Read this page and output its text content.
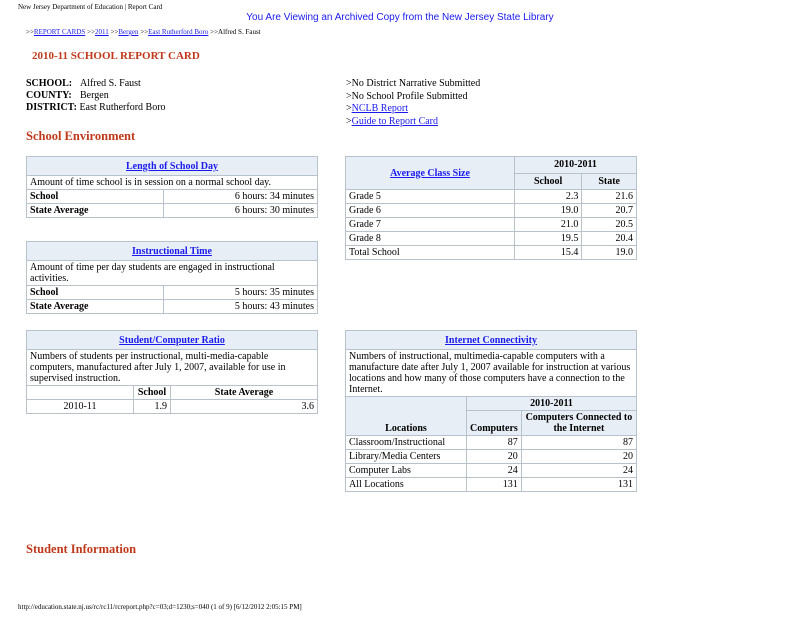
New Jersey Department of Education | Report Card
You Are Viewing an Archived Copy from the New Jersey State Library
>>REPORT CARDS >>2011 >>Bergen >>East Rutherford Boro >>Alfred S. Faust
2010-11 SCHOOL REPORT CARD
SCHOOL: Alfred S. Faust
COUNTY: Bergen
DISTRICT: East Rutherford Boro
>No District Narrative Submitted
>No School Profile Submitted
>NCLB Report
>Guide to Report Card
School Environment
Length of School Day	
Amount of time school is in session on a normal school day.	
School	6 hours: 34 minutes
State Average	6 hours: 30 minutes
Instructional Time	
Amount of time per day students are engaged in instructional activities.	
School	5 hours: 35 minutes
State Average	5 hours: 43 minutes
Student/Computer Ratio		
Numbers of students per instructional, multi-media-capable computers, manufactured after July 1, 2007, available for use in supervised instruction.		
	School	State Average
2010-11	1.9	3.6
Average Class Size	2010-2011	
	School	State
Grade 5	2.3	21.6
Grade 6	19.0	20.7
Grade 7	21.0	20.5
Grade 8	19.5	20.4
Total School	15.4	19.0
Internet Connectivity		
Numbers of instructional, multimedia-capable computers with a manufacture date after July 1, 2007 available for instruction at various locations and how many of those computers have a connection to the Internet.		
Locations	2010-2011	
	Computers	Computers Connected to the Internet
Classroom/Instructional	87	87
Library/Media Centers	20	20
Computer Labs	24	24
All Locations	131	131
Student Information
http://education.state.nj.us/rc/rc11/rcreport.php?c=03;d=1230;s=040 (1 of 9) [6/12/2012 2:05:15 PM]
